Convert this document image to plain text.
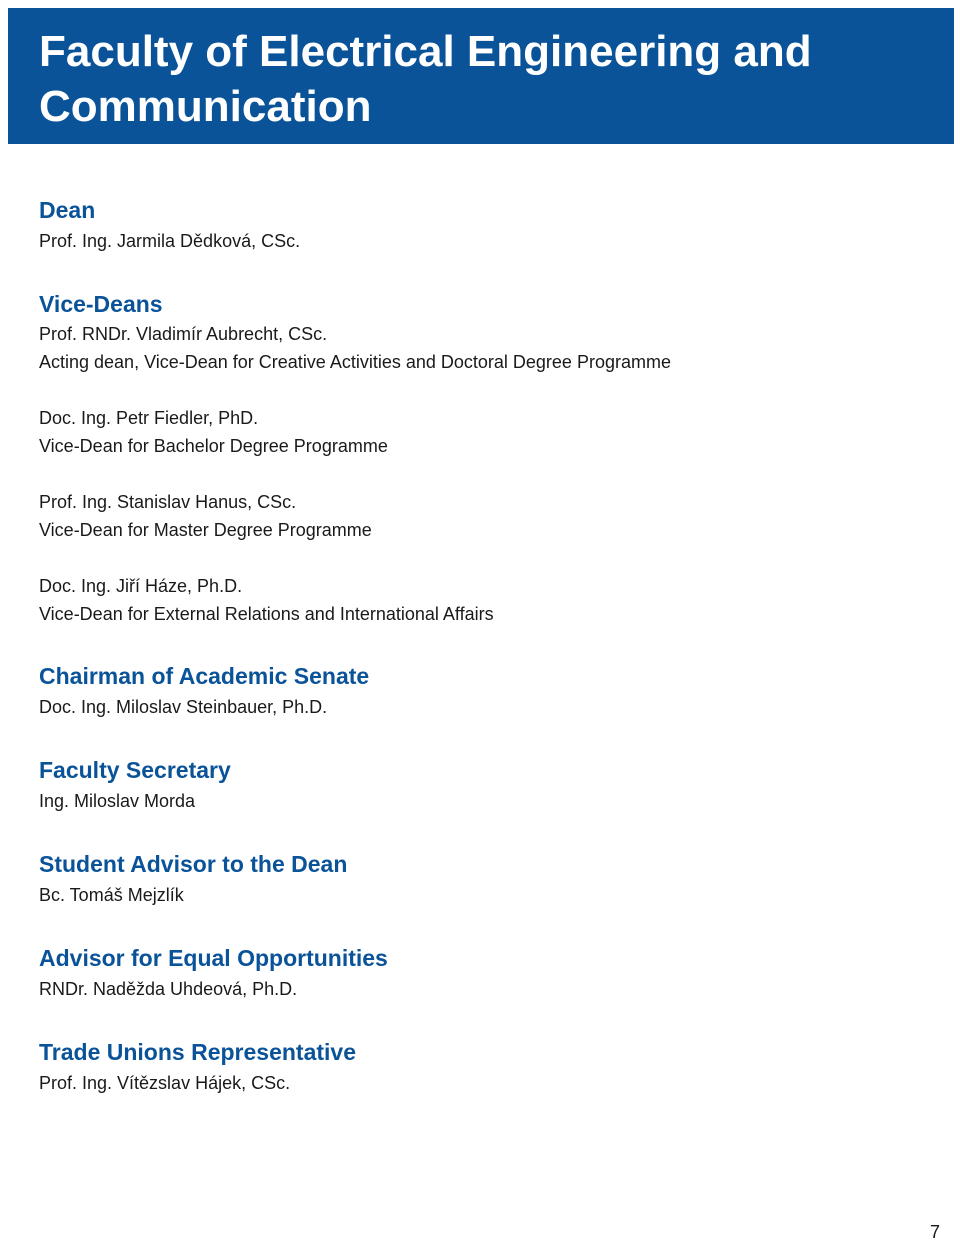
Faculty of Electrical Engineering and
Communication
Dean
Prof. Ing. Jarmila Dědková, CSc.
Vice-Deans
Prof. RNDr. Vladimír Aubrecht, CSc.
Acting dean, Vice-Dean for Creative Activities and Doctoral Degree Programme
Doc. Ing. Petr Fiedler, PhD.
Vice-Dean for Bachelor Degree Programme
Prof. Ing. Stanislav Hanus, CSc.
Vice-Dean for Master Degree Programme
Doc. Ing. Jiří Háze, Ph.D.
Vice-Dean for External Relations and International Affairs
Chairman of Academic Senate
Doc. Ing. Miloslav Steinbauer, Ph.D.
Faculty Secretary
Ing. Miloslav Morda
Student Advisor to the Dean
Bc. Tomáš Mejzlík
Advisor for Equal Opportunities
RNDr. Naděžda Uhdeová, Ph.D.
Trade Unions Representative
Prof. Ing. Vítězslav Hájek, CSc.
7
